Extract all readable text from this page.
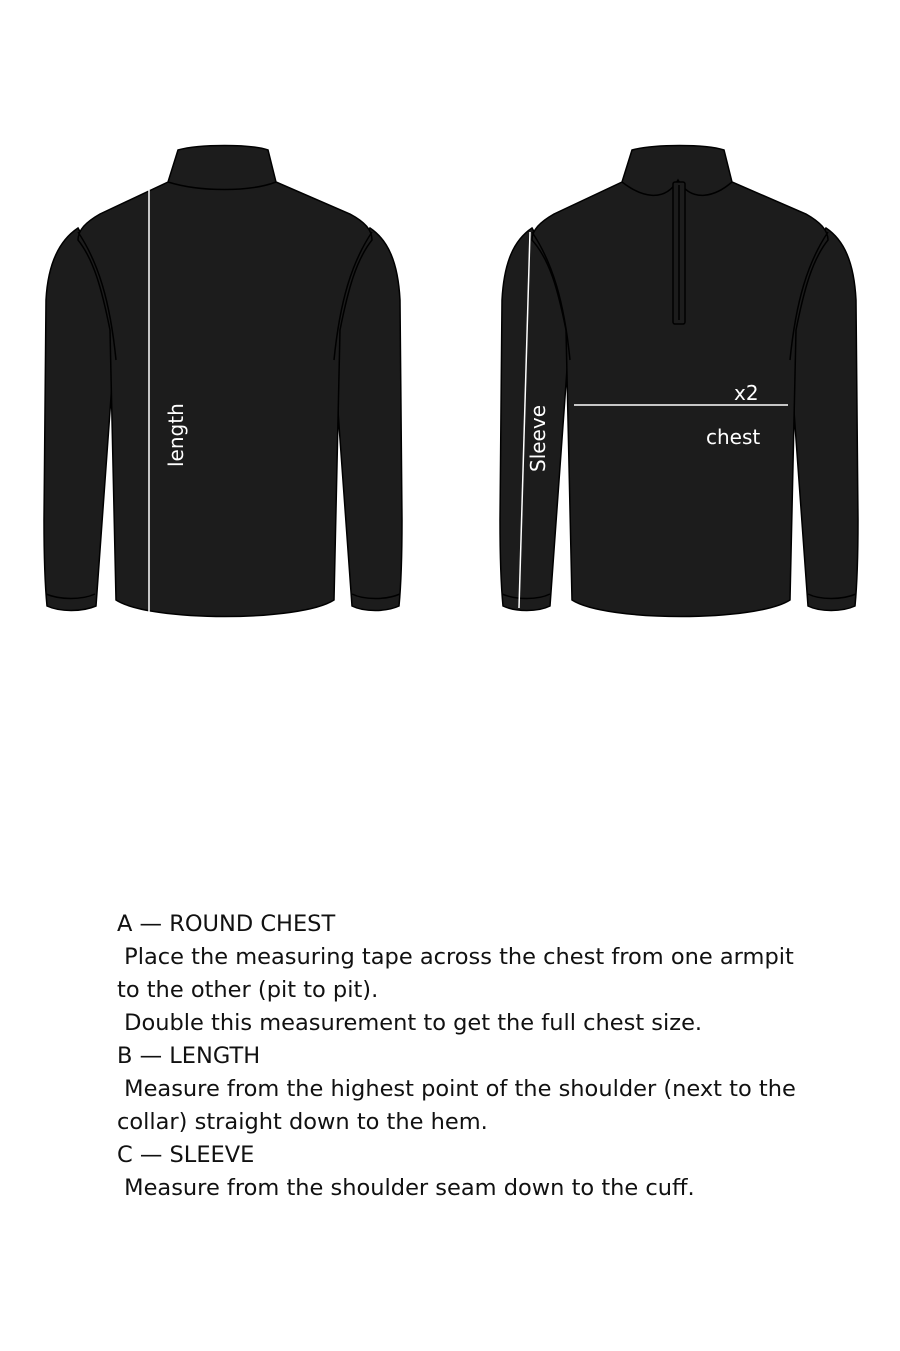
length
x2
chest
Sleeve
A — ROUND CHEST
Place the measuring tape across the chest from one armpit to the other (pit to pit).
Double this measurement to get the full chest size.
B — LENGTH
Measure from the highest point of the shoulder (next to the collar) straight down to the hem.
C — SLEEVE
Measure from the shoulder seam down to the cuff.
